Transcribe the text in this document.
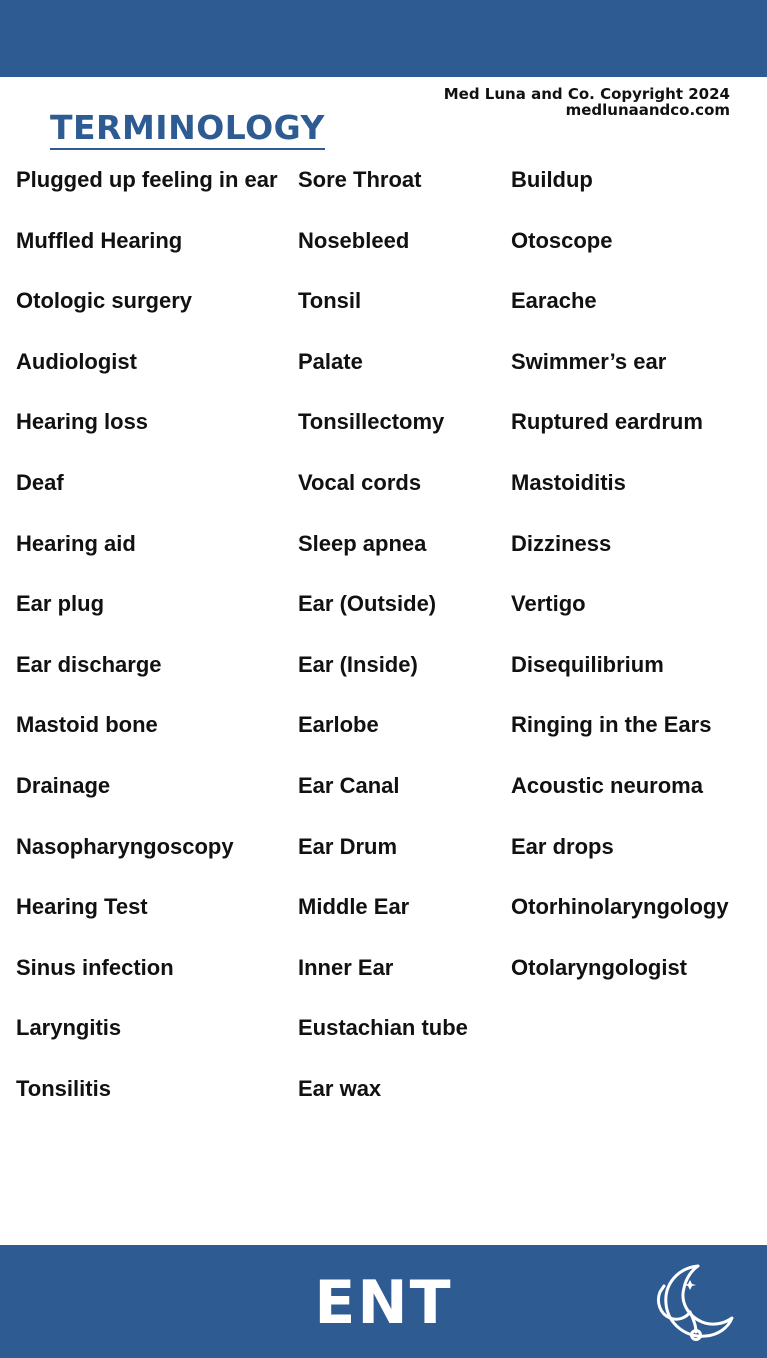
Med Luna and Co. Copyright 2024
medlunaandco.com
TERMINOLOGY
Plugged up feeling in ear
Muffled Hearing
Otologic surgery
Audiologist
Hearing loss
Deaf
Hearing aid
Ear plug
Ear discharge
Mastoid bone
Drainage
Nasopharyngoscopy
Hearing Test
Sinus infection
Laryngitis
Tonsilitis
Sore Throat
Nosebleed
Tonsil
Palate
Tonsillectomy
Vocal cords
Sleep apnea
Ear (Outside)
Ear (Inside)
Earlobe
Ear Canal
Ear Drum
Middle Ear
Inner Ear
Eustachian tube
Ear wax
Buildup
Otoscope
Earache
Swimmer’s ear
Ruptured eardrum
Mastoiditis
Dizziness
Vertigo
Disequilibrium
Ringing in the Ears
Acoustic neuroma
Ear drops
Otorhinolaryngology
Otolaryngologist
ENT
